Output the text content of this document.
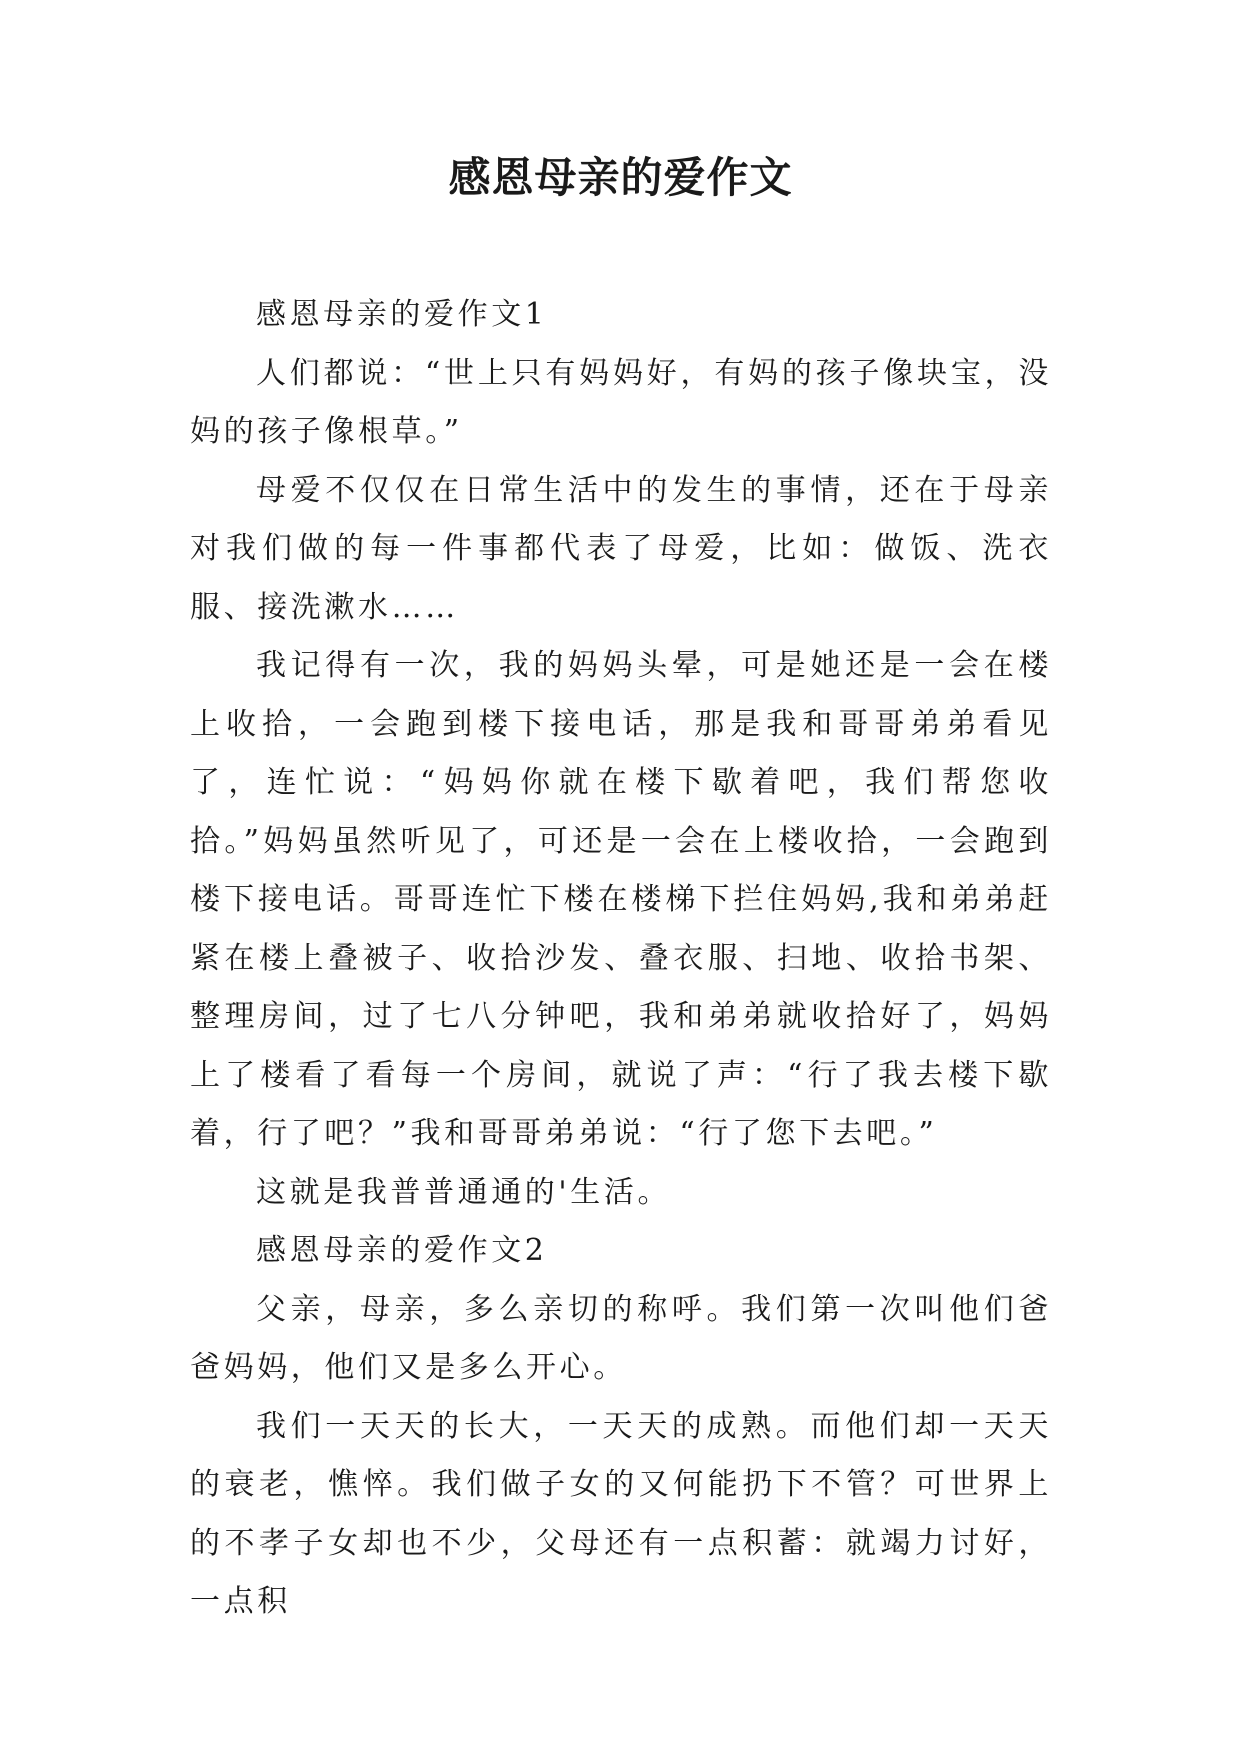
感恩母亲的爱作文

感恩母亲的爱作文1

人们都说：“世上只有妈妈好，有妈的孩子像块宝，没妈的孩子像根草。”

母爱不仅仅在日常生活中的发生的事情，还在于母亲对我们做的每一件事都代表了母爱，比如：做饭、洗衣服、接洗漱水……

我记得有一次，我的妈妈头晕，可是她还是一会在楼上收拾，一会跑到楼下接电话，那是我和哥哥弟弟看见了，连忙说：“妈妈你就在楼下歇着吧，我们帮您收拾。”妈妈虽然听见了，可还是一会在上楼收拾，一会跑到楼下接电话。哥哥连忙下楼在楼梯下拦住妈妈,我和弟弟赶紧在楼上叠被子、收拾沙发、叠衣服、扫地、收拾书架、整理房间，过了七八分钟吧，我和弟弟就收拾好了，妈妈上了楼看了看每一个房间，就说了声：“行了我去楼下歇着，行了吧？”我和哥哥弟弟说：“行了您下去吧。”

这就是我普普通通的'生活。

感恩母亲的爱作文2

父亲，母亲，多么亲切的称呼。我们第一次叫他们爸爸妈妈，他们又是多么开心。

我们一天天的长大，一天天的成熟。而他们却一天天的衰老，憔悴。我们做子女的又何能扔下不管？可世界上的不孝子女却也不少，父母还有一点积蓄：就竭力讨好，一点积
